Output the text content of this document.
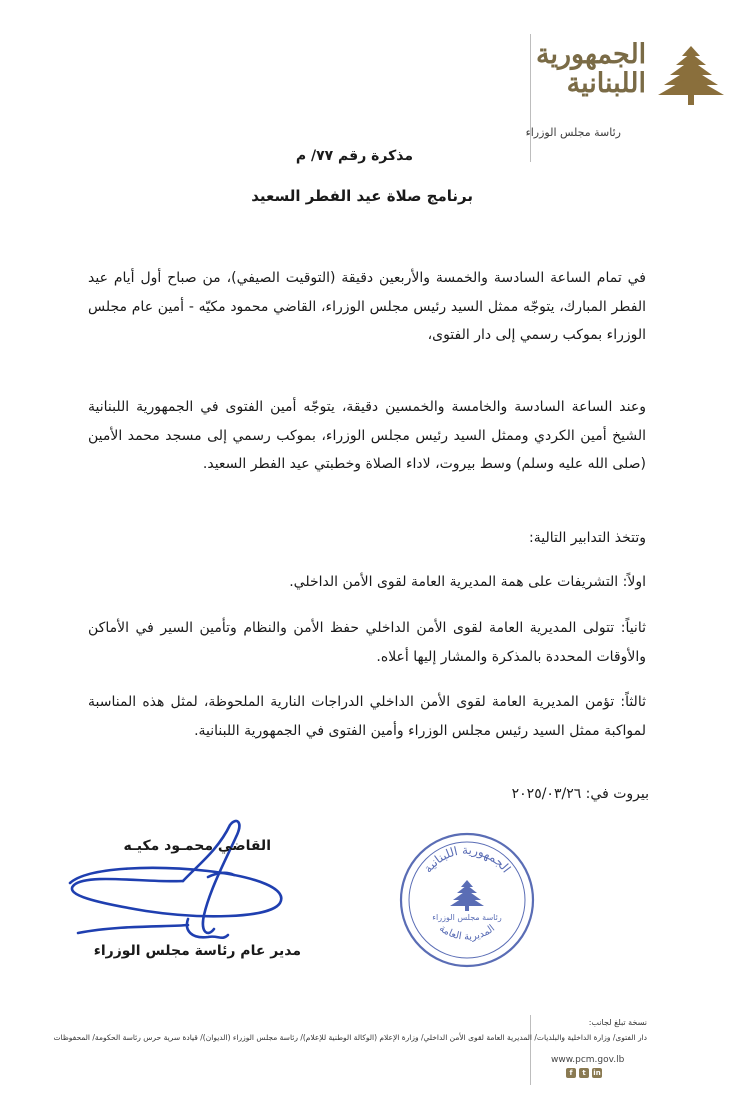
الجمهورية
اللبنانية
رئاسة مجلس الوزراء
مذكرة رقم ٧٧/ م
برنامج صلاة عيد الفطر السعيد
في تمام الساعة السادسة والخمسة والأربعين دقيقة (التوقيت الصيفي)، من صباح أول أيام عيد الفطر المبارك، يتوجّه ممثل السيد رئيس مجلس الوزراء، القاضي محمود مكيّه - أمين عام مجلس الوزراء بموكب رسمي إلى دار الفتوى،
وعند الساعة السادسة والخامسة والخمسين دقيقة، يتوجّه أمين الفتوى في الجمهورية اللبنانية الشيخ أمين الكردي وممثل السيد رئيس مجلس الوزراء، بموكب رسمي إلى مسجد محمد الأمين (صلى الله عليه وسلم) وسط بيروت، لاداء الصلاة وخطبتي عيد الفطر السعيد.
وتتخذ التدابير التالية:
اولاً: التشريفات على همة المديرية العامة لقوى الأمن الداخلي.
ثانياً: تتولى المديرية العامة لقوى الأمن الداخلي حفظ الأمن والنظام وتأمين السير في الأماكن والأوقات المحددة بالمذكرة والمشار إليها أعلاه.
ثالثاً: تؤمن المديرية العامة لقوى الأمن الداخلي الدراجات النارية الملحوظة، لمثل هذه المناسبة لمواكبة ممثل السيد رئيس مجلس الوزراء وأمين الفتوى في الجمهورية اللبنانية.
بيروت في: ٢٠٢٥/٠٣/٢٦
الجمهورية اللبنانية
رئاسة مجلس الوزراء
المديرية العامة
القاضي محمـود مكيـه
مدير عام رئاسة مجلس الوزراء
نسخة تبلغ لجانب:
دار الفتوى/ وزارة الداخلية والبلديات/ المديرية العامة لقوى الأمن الداخلي/ وزارة الإعلام (الوكالة الوطنية للإعلام)/ رئاسة مجلس الوزراء (الديوان)/ قيادة سرية حرس رئاسة الحكومة/ المحفوظات
www.pcm.gov.lb
f	t	in
